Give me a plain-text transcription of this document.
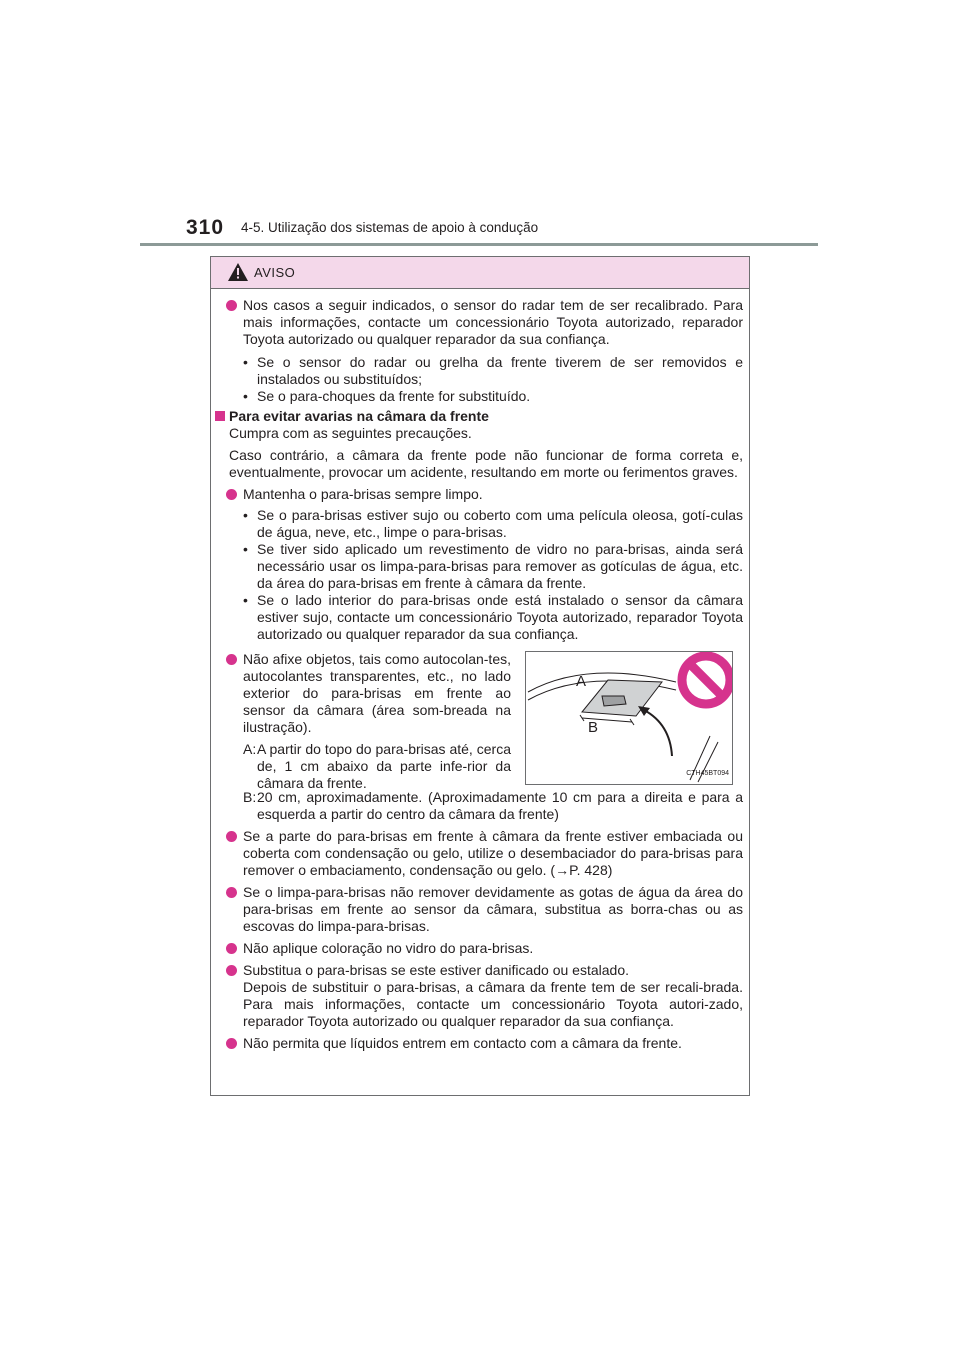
310 4-5. Utilização dos sistemas de apoio à condução
AVISO
Nos casos a seguir indicados, o sensor do radar tem de ser recalibrado. Para mais informações, contacte um concessionário Toyota autorizado, reparador Toyota autorizado ou qualquer reparador da sua confiança.
• Se o sensor do radar ou grelha da frente tiverem de ser removidos e instalados ou substituídos;
• Se o para-choques da frente for substituído.
Para evitar avarias na câmara da frente
Cumpra com as seguintes precauções.
Caso contrário, a câmara da frente pode não funcionar de forma correta e, eventualmente, provocar um acidente, resultando em morte ou ferimentos graves.
Mantenha o para-brisas sempre limpo.
• Se o para-brisas estiver sujo ou coberto com uma película oleosa, gotí-culas de água, neve, etc., limpe o para-brisas.
• Se tiver sido aplicado um revestimento de vidro no para-brisas, ainda será necessário usar os limpa-para-brisas para remover as gotículas de água, etc. da área do para-brisas em frente à câmara da frente.
• Se o lado interior do para-brisas onde está instalado o sensor da câmara estiver sujo, contacte um concessionário Toyota autorizado, reparador Toyota autorizado ou qualquer reparador da sua confiança.
Não afixe objetos, tais como autocolan-tes, autocolantes transparentes, etc., no lado exterior do para-brisas em frente ao sensor da câmara (área som-breada na ilustração).
A: A partir do topo do para-brisas até, cerca de, 1 cm abaixo da parte infe-rior da câmara da frente.
A
B
CTH45BT094
B: 20 cm, aproximadamente. (Aproximadamente 10 cm para a direita e para a esquerda a partir do centro da câmara da frente)
Se a parte do para-brisas em frente à câmara da frente estiver embaciada ou coberta com condensação ou gelo, utilize o desembaciador do para-brisas para remover o embaciamento, condensação ou gelo. (→P. 428)
Se o limpa-para-brisas não remover devidamente as gotas de água da área do para-brisas em frente ao sensor da câmara, substitua as borra-chas ou as escovas do limpa-para-brisas.
Não aplique coloração no vidro do para-brisas.
Substitua o para-brisas se este estiver danificado ou estalado.
Depois de substituir o para-brisas, a câmara da frente tem de ser recali-brada. Para mais informações, contacte um concessionário Toyota autori-zado, reparador Toyota autorizado ou qualquer reparador da sua confiança.
Não permita que líquidos entrem em contacto com a câmara da frente.
